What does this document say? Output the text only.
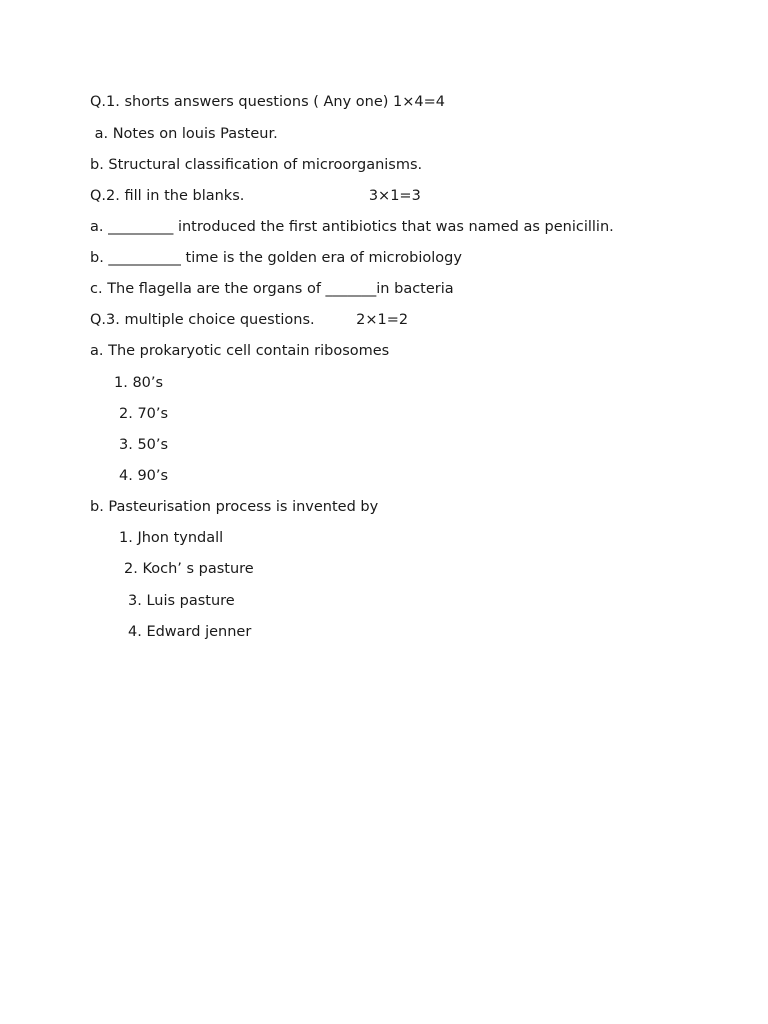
Q.1. shorts answers questions ( Any one) 1×4=4
a. Notes on louis Pasteur.
b. Structural classification of microorganisms.
Q.2. fill in the blanks.                           3×1=3
a. _________ introduced the first antibiotics that was named as penicillin.
b. __________ time is the golden era of microbiology
c. The flagella are the organs of _______in bacteria
Q.3. multiple choice questions.         2×1=2
a. The prokaryotic cell contain ribosomes
1. 80’s
2. 70’s
3. 50’s
4. 90’s
b. Pasteurisation process is invented by
1. Jhon tyndall
2. Koch’ s pasture
3. Luis pasture
4. Edward jenner
